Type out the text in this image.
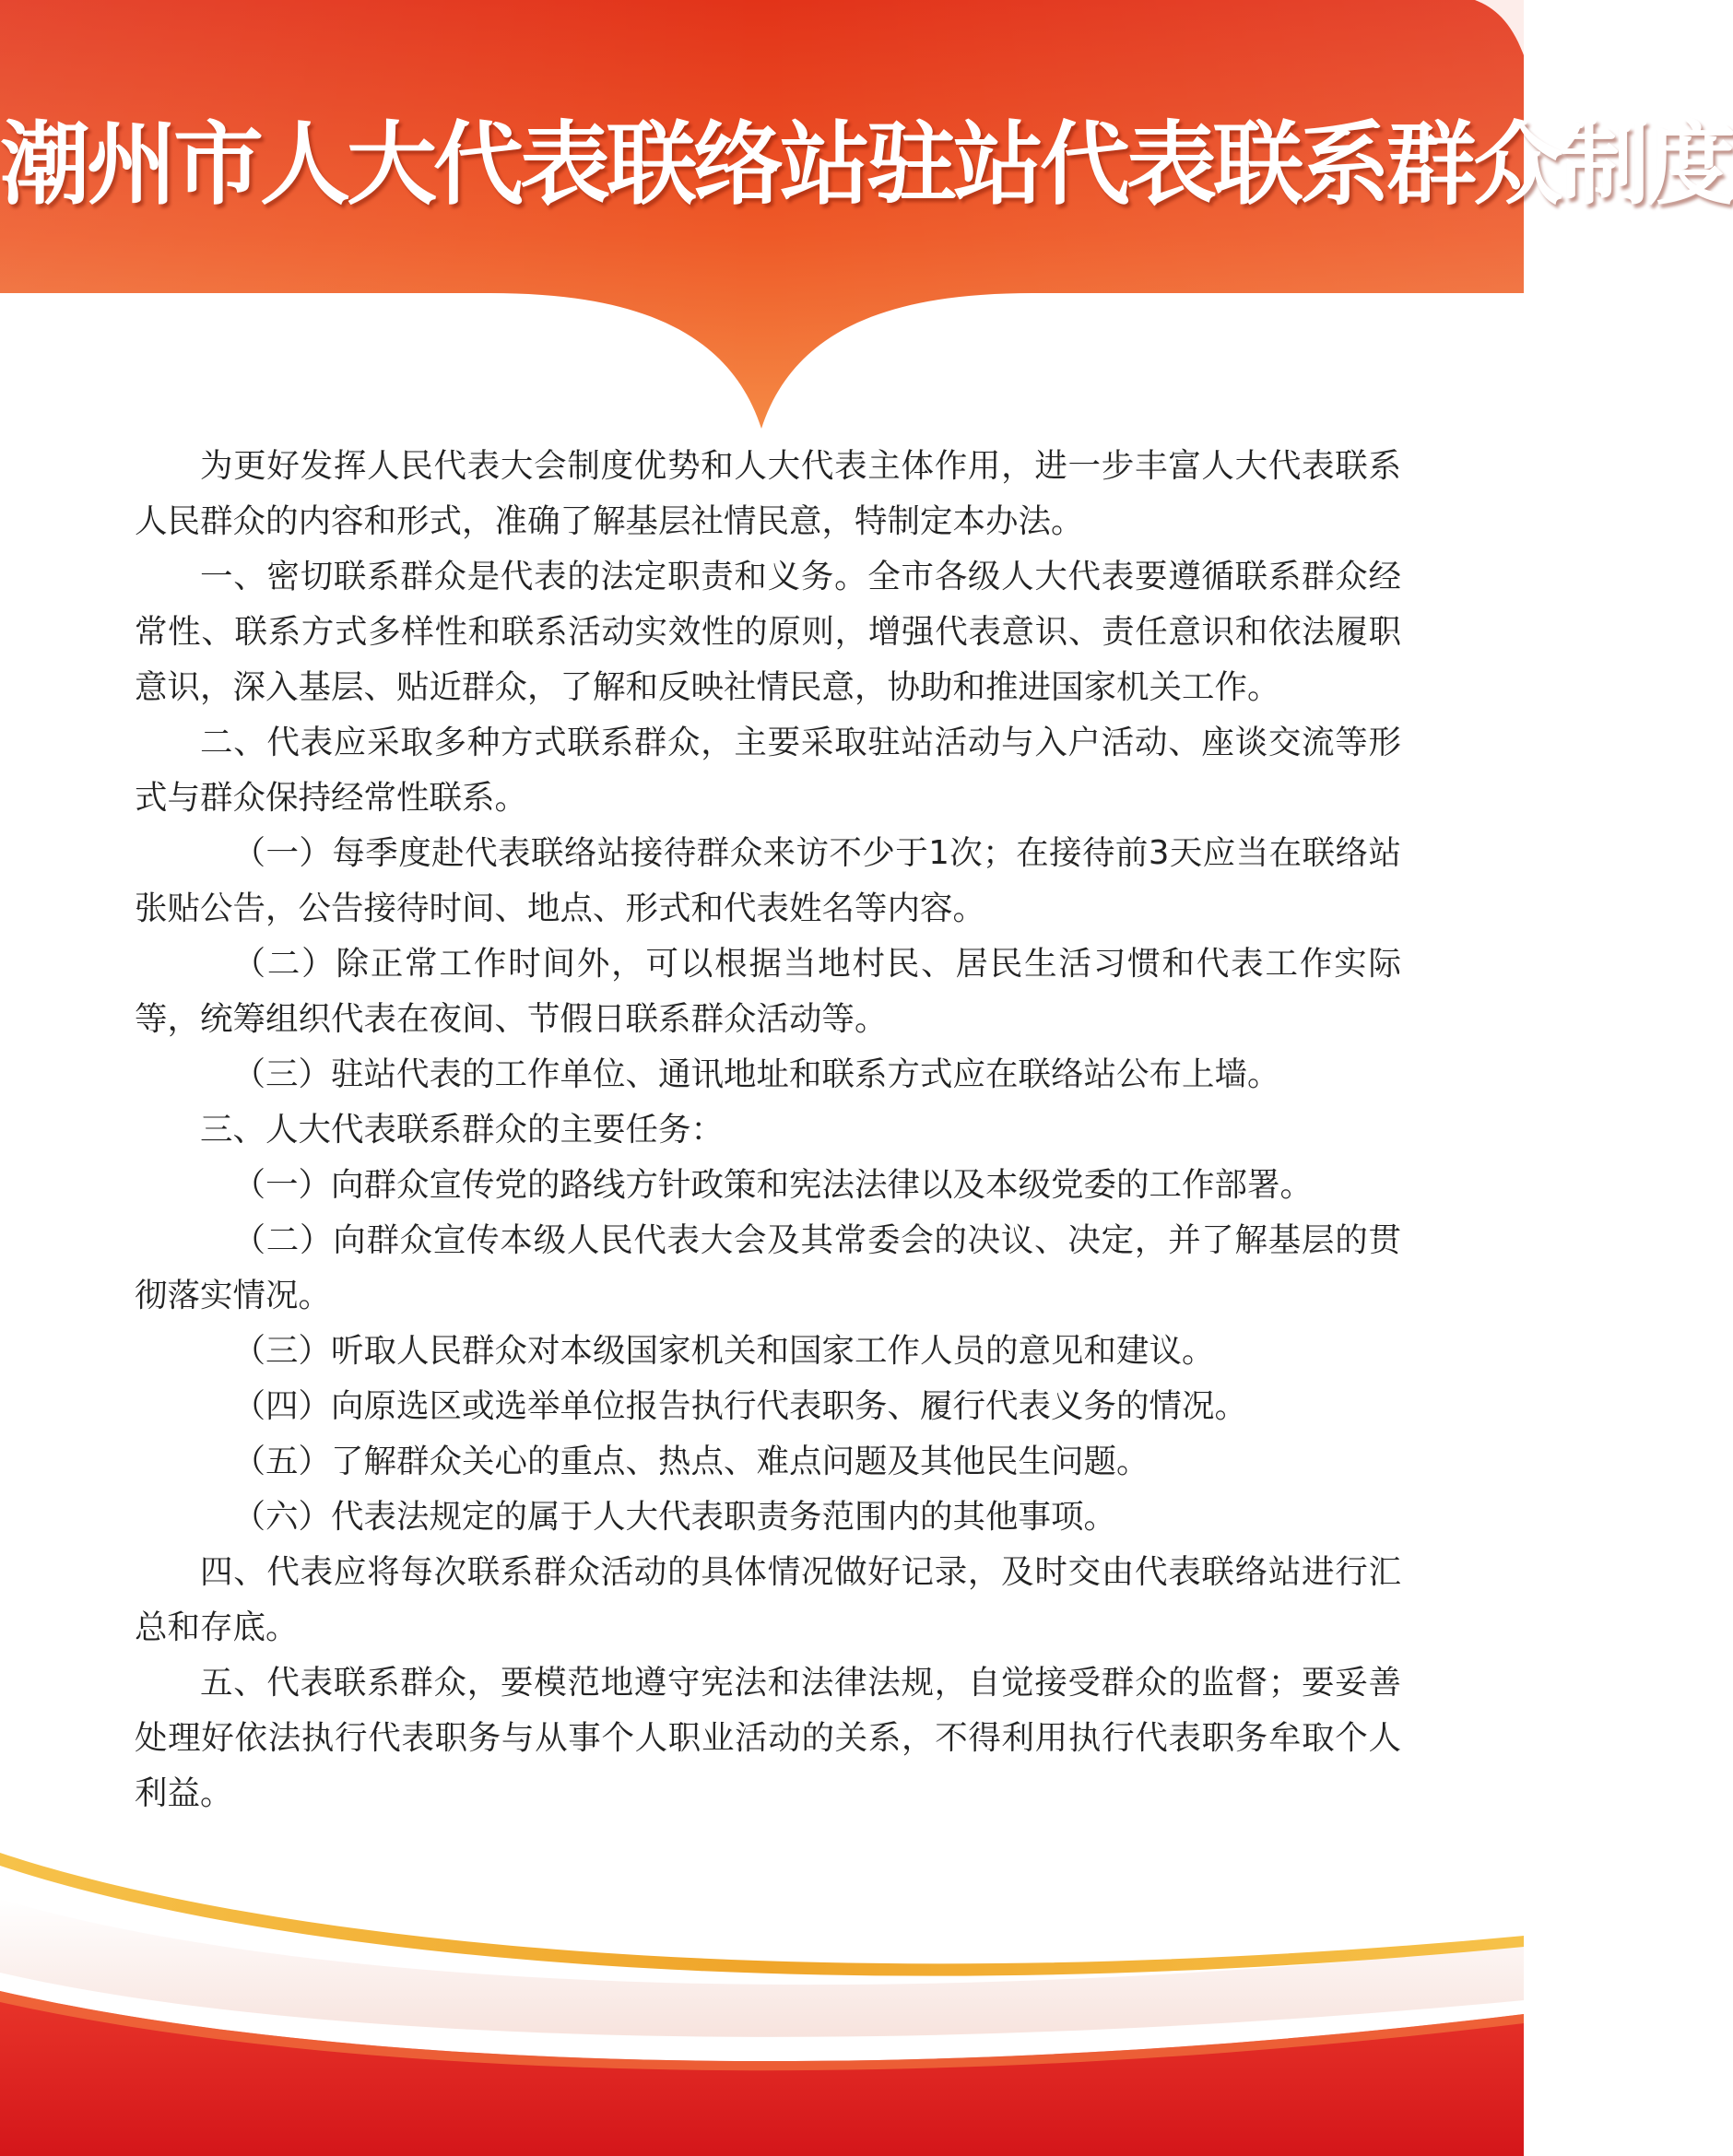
潮州市人大代表联络站驻站代表联系群众制度

为更好发挥人民代表大会制度优势和人大代表主体作用，进一步丰富人大代表联系人民群众的内容和形式，准确了解基层社情民意，特制定本办法。

一、密切联系群众是代表的法定职责和义务。全市各级人大代表要遵循联系群众经常性、联系方式多样性和联系活动实效性的原则，增强代表意识、责任意识和依法履职意识，深入基层、贴近群众，了解和反映社情民意，协助和推进国家机关工作。

二、代表应采取多种方式联系群众，主要采取驻站活动与入户活动、座谈交流等形式与群众保持经常性联系。

（一）每季度赴代表联络站接待群众来访不少于1次；在接待前3天应当在联络站张贴公告，公告接待时间、地点、形式和代表姓名等内容。

（二）除正常工作时间外，可以根据当地村民、居民生活习惯和代表工作实际等，统筹组织代表在夜间、节假日联系群众活动等。

（三）驻站代表的工作单位、通讯地址和联系方式应在联络站公布上墙。

三、人大代表联系群众的主要任务：

（一）向群众宣传党的路线方针政策和宪法法律以及本级党委的工作部署。

（二）向群众宣传本级人民代表大会及其常委会的决议、决定，并了解基层的贯彻落实情况。

（三）听取人民群众对本级国家机关和国家工作人员的意见和建议。

（四）向原选区或选举单位报告执行代表职务、履行代表义务的情况。

（五）了解群众关心的重点、热点、难点问题及其他民生问题。

（六）代表法规定的属于人大代表职责务范围内的其他事项。

四、代表应将每次联系群众活动的具体情况做好记录，及时交由代表联络站进行汇总和存底。

五、代表联系群众，要模范地遵守宪法和法律法规，自觉接受群众的监督；要妥善处理好依法执行代表职务与从事个人职业活动的关系，不得利用执行代表职务牟取个人利益。
